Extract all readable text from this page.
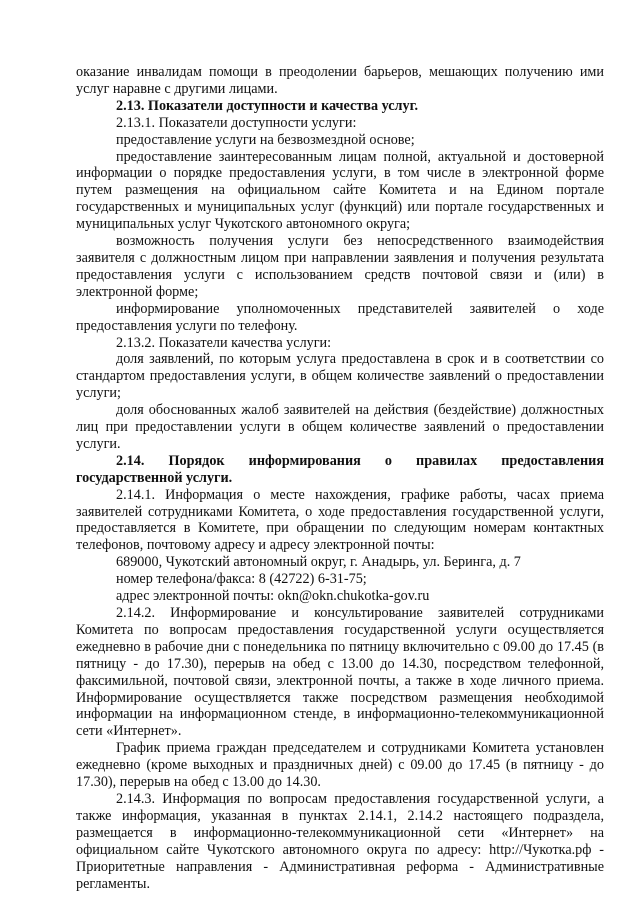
оказание инвалидам помощи в преодолении барьеров, мешающих получению ими услуг наравне с другими лицами.

2.13. Показатели доступности и качества услуг.

2.13.1. Показатели доступности услуги:

предоставление услуги на безвозмездной основе;

предоставление заинтересованным лицам полной, актуальной и достоверной информации о порядке предоставления услуги, в том числе в электронной форме путем размещения на официальном сайте Комитета и на Едином портале государственных и муниципальных услуг (функций) или портале государственных и муниципальных услуг Чукотского автономного округа;

возможность получения услуги без непосредственного взаимодействия заявителя с должностным лицом при направлении заявления и получения результата предоставления услуги с использованием средств почтовой связи и (или) в электронной форме;

информирование уполномоченных представителей заявителей о ходе предоставления услуги по телефону.

2.13.2. Показатели качества услуги:

доля заявлений, по которым услуга предоставлена в срок и в соответствии со стандартом предоставления услуги, в общем количестве заявлений о предоставлении услуги;

доля обоснованных жалоб заявителей на действия (бездействие) должностных лиц при предоставлении услуги в общем количестве заявлений о предоставлении услуги.

2.14. Порядок информирования о правилах предоставления государственной услуги.

2.14.1. Информация о месте нахождения, графике работы, часах приема заявителей сотрудниками Комитета, о ходе предоставления государственной услуги, предоставляется в Комитете, при обращении по следующим номерам контактных телефонов, почтовому адресу и адресу электронной почты:

689000, Чукотский автономный округ, г. Анадырь, ул. Беринга, д. 7

номер телефона/факса: 8 (42722) 6-31-75;

адрес электронной почты: okn@okn.chukotka-gov.ru

2.14.2. Информирование и консультирование заявителей сотрудниками Комитета по вопросам предоставления государственной услуги осуществляется ежедневно в рабочие дни с понедельника по пятницу включительно с 09.00 до 17.45 (в пятницу - до 17.30), перерыв на обед с 13.00 до 14.30, посредством телефонной, факсимильной, почтовой связи, электронной почты, а также в ходе личного приема. Информирование осуществляется также посредством размещения необходимой информации на информационном стенде, в информационно-телекоммуникационной сети «Интернет».

График приема граждан председателем и сотрудниками Комитета установлен ежедневно (кроме выходных и праздничных дней) с 09.00 до 17.45 (в пятницу - до 17.30), перерыв на обед с 13.00 до 14.30.

2.14.3. Информация по вопросам предоставления государственной услуги, а также информация, указанная в пунктах 2.14.1, 2.14.2 настоящего подраздела, размещается в информационно-телекоммуникационной сети «Интернет» на официальном сайте Чукотского автономного округа по адресу: http://Чукотка.рф - Приоритетные направления - Административная реформа - Административные регламенты.
